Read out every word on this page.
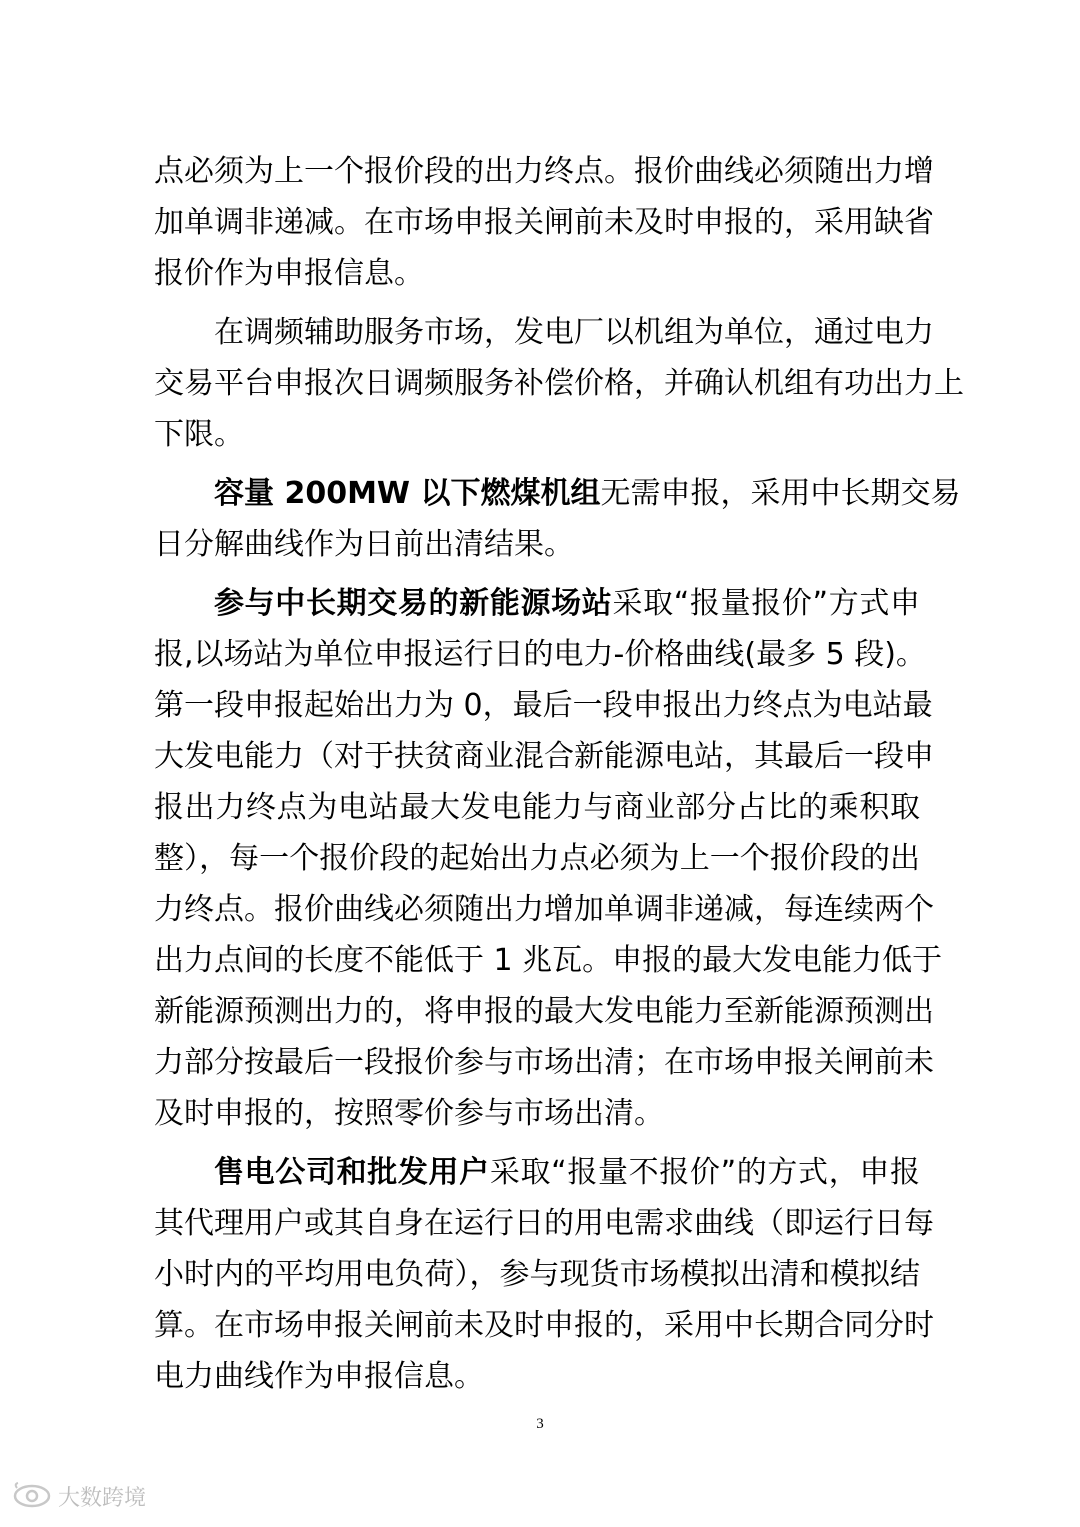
点必须为上一个报价段的出力终点。报价曲线必须随出力增
加单调非递减。在市场申报关闸前未及时申报的，采用缺省
报价作为申报信息。

在调频辅助服务市场，发电厂以机组为单位，通过电力
交易平台申报次日调频服务补偿价格，并确认机组有功出力上
下限。

容量 200MW 以下燃煤机组无需申报，采用中长期交易
日分解曲线作为日前出清结果。

参与中长期交易的新能源场站采取“报量报价”方式申
报,以场站为单位申报运行日的电力-价格曲线(最多 5 段)。
第一段申报起始出力为 0，最后一段申报出力终点为电站最
大发电能力（对于扶贫商业混合新能源电站，其最后一段申
报出力终点为电站最大发电能力与商业部分占比的乘积取
整），每一个报价段的起始出力点必须为上一个报价段的出
力终点。报价曲线必须随出力增加单调非递减，每连续两个
出力点间的长度不能低于 1 兆瓦。申报的最大发电能力低于
新能源预测出力的，将申报的最大发电能力至新能源预测出
力部分按最后一段报价参与市场出清；在市场申报关闸前未
及时申报的，按照零价参与市场出清。

售电公司和批发用户采取“报量不报价”的方式，申报
其代理用户或其自身在运行日的用电需求曲线（即运行日每
小时内的平均用电负荷），参与现货市场模拟出清和模拟结
算。在市场申报关闸前未及时申报的，采用中长期合同分时
电力曲线作为申报信息。

3
大数跨境
